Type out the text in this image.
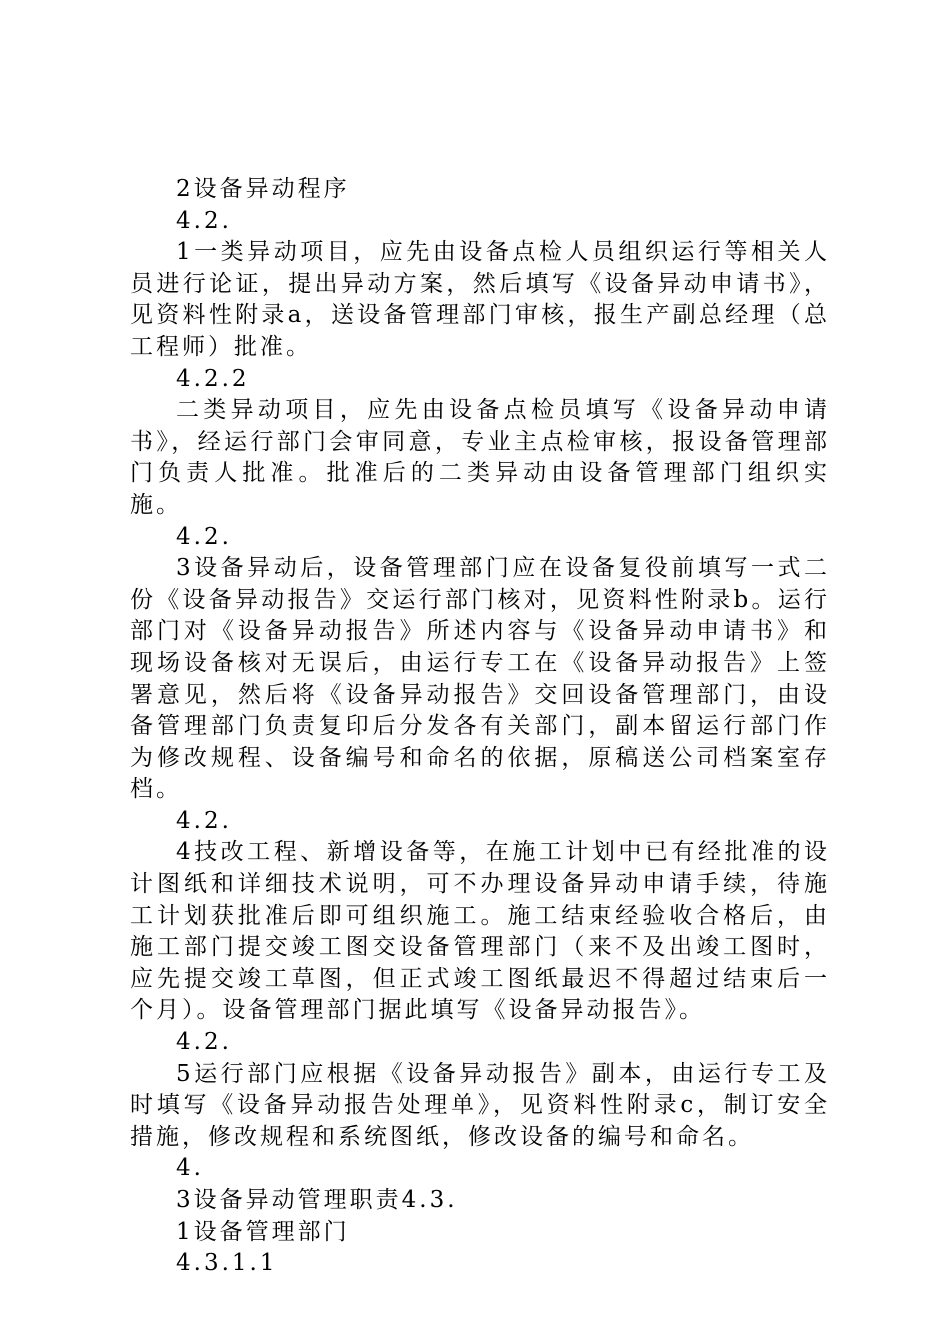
2设备异动程序

4.2.

1一类异动项目，应先由设备点检人员组织运行等相关人员进行论证，提出异动方案，然后填写《设备异动申请书》，见资料性附录a，送设备管理部门审核，报生产副总经理（总工程师）批准。

4.2.2

二类异动项目，应先由设备点检员填写《设备异动申请书》，经运行部门会审同意，专业主点检审核，报设备管理部门负责人批准。批准后的二类异动由设备管理部门组织实施。

4.2.

3设备异动后，设备管理部门应在设备复役前填写一式二份《设备异动报告》交运行部门核对，见资料性附录b。运行部门对《设备异动报告》所述内容与《设备异动申请书》和现场设备核对无误后，由运行专工在《设备异动报告》上签署意见，然后将《设备异动报告》交回设备管理部门，由设备管理部门负责复印后分发各有关部门，副本留运行部门作为修改规程、设备编号和命名的依据，原稿送公司档案室存档。

4.2.

4技改工程、新增设备等，在施工计划中已有经批准的设计图纸和详细技术说明，可不办理设备异动申请手续，待施工计划获批准后即可组织施工。施工结束经验收合格后，由施工部门提交竣工图交设备管理部门（来不及出竣工图时，应先提交竣工草图，但正式竣工图纸最迟不得超过结束后一个月）。设备管理部门据此填写《设备异动报告》。

4.2.

5运行部门应根据《设备异动报告》副本，由运行专工及时填写《设备异动报告处理单》，见资料性附录c，制订安全措施，修改规程和系统图纸，修改设备的编号和命名。

4.

3设备异动管理职责4.3.

1设备管理部门

4.3.1.1
